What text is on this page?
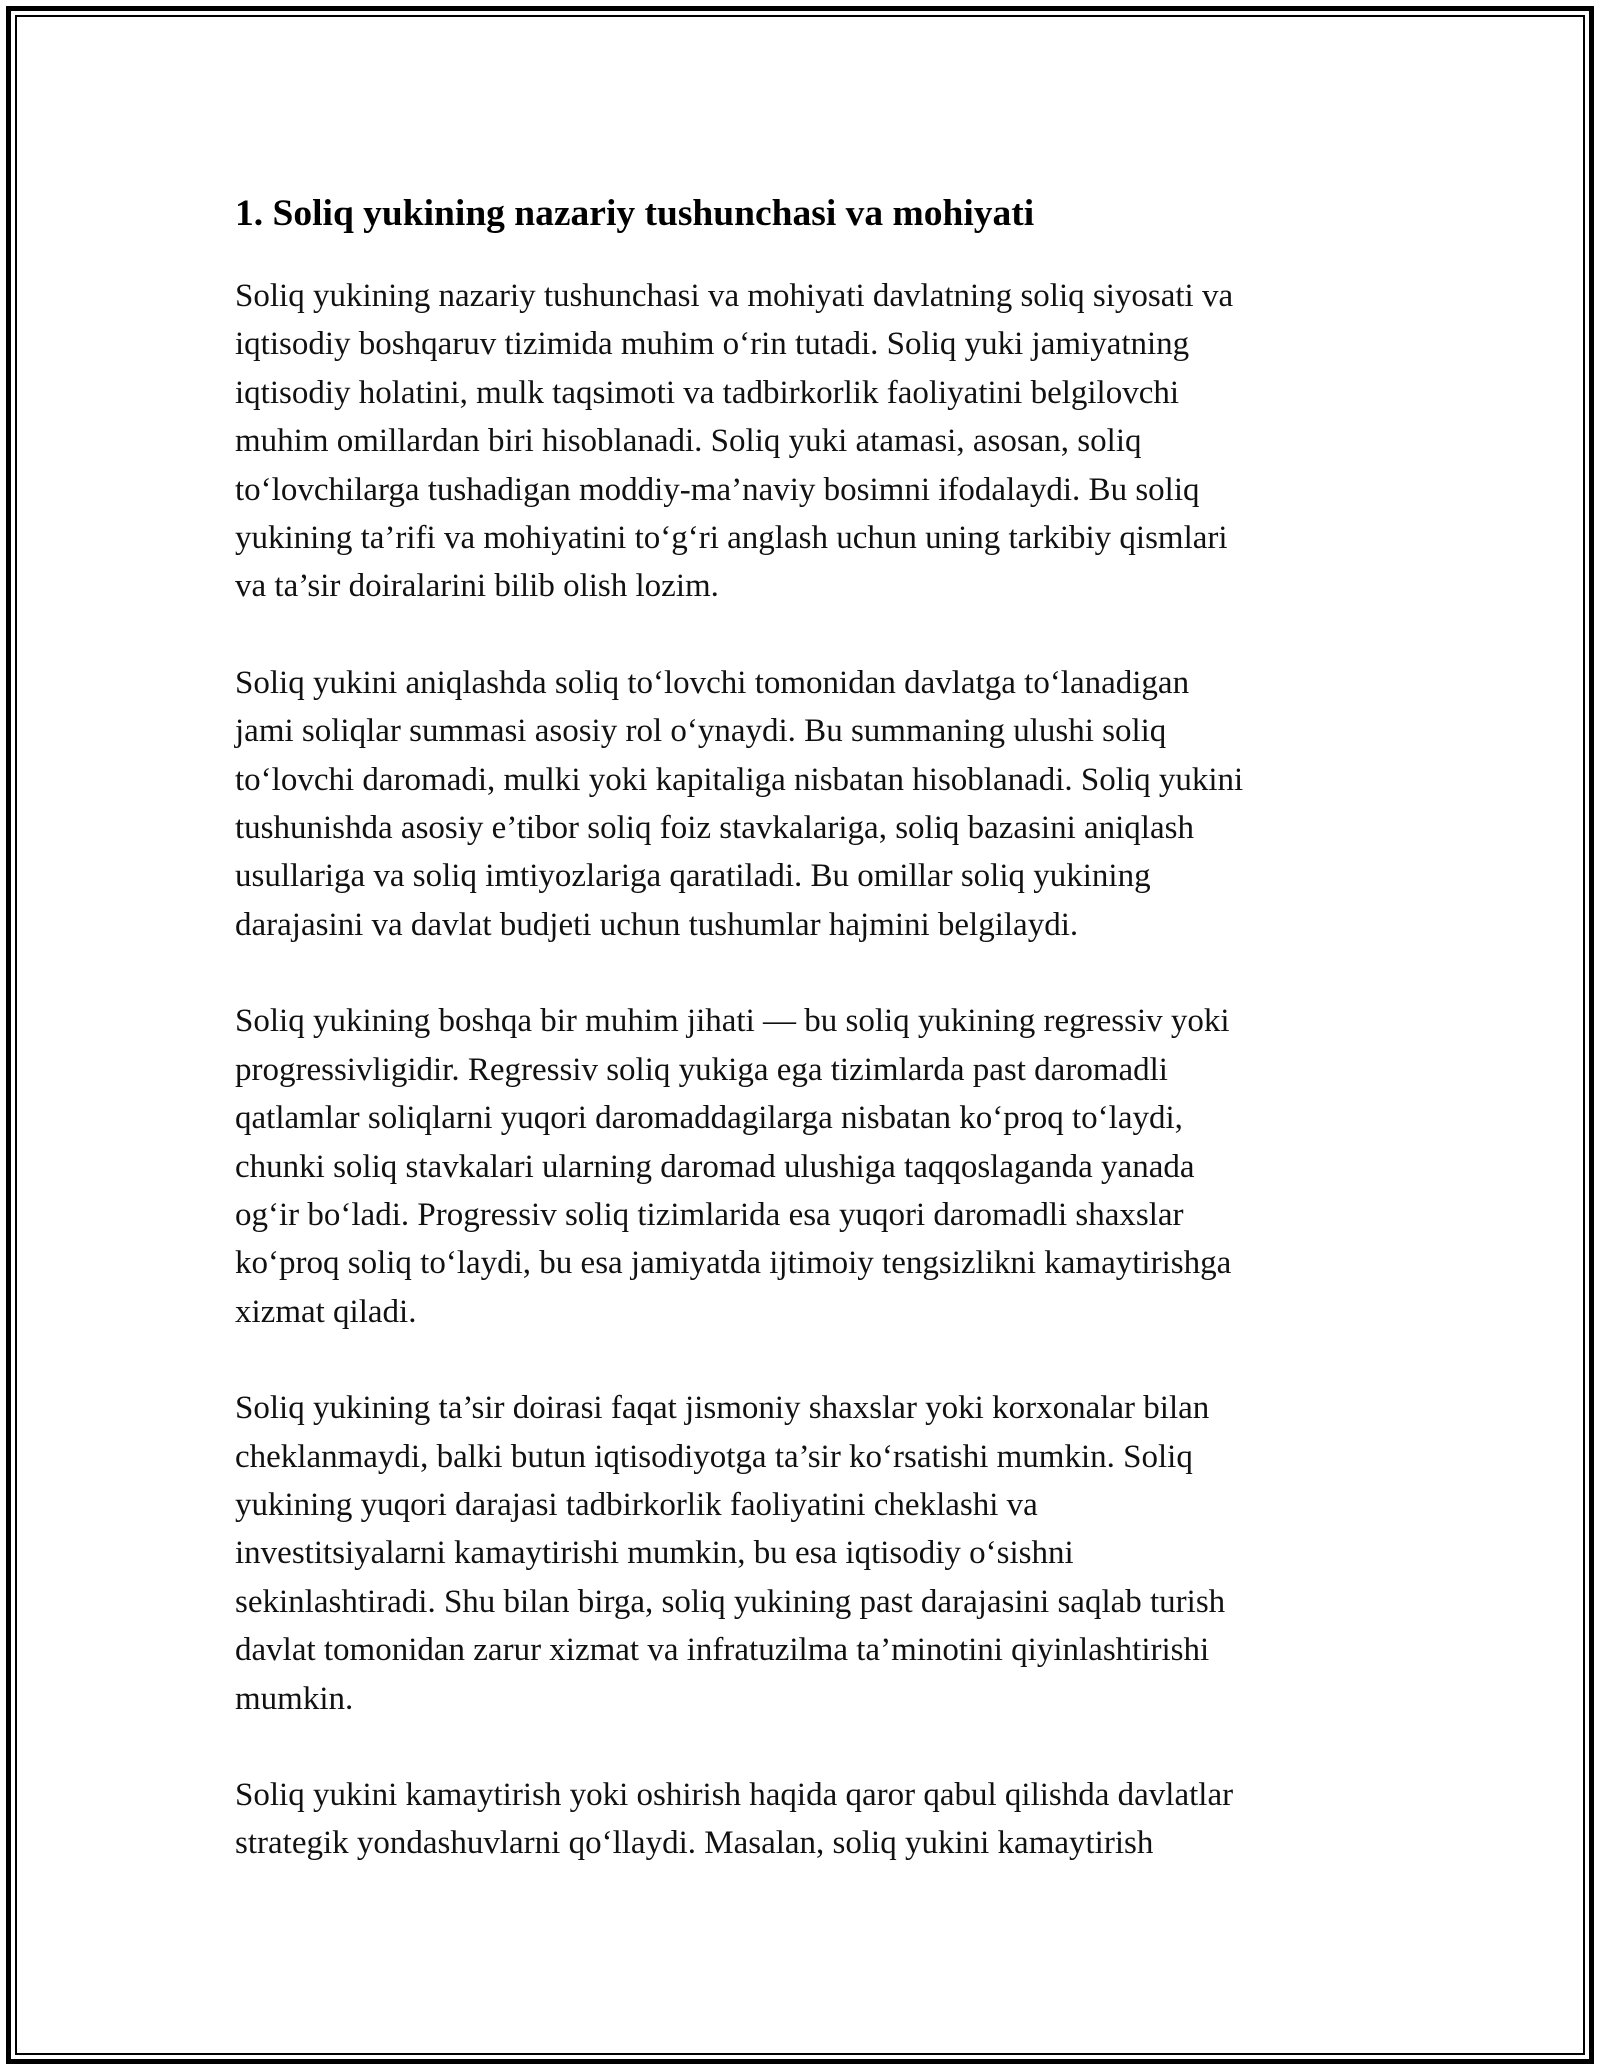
1. Soliq yukining nazariy tushunchasi va mohiyati

Soliq yukining nazariy tushunchasi va mohiyati davlatning soliq siyosati va
iqtisodiy boshqaruv tizimida muhim o‘rin tutadi. Soliq yuki jamiyatning
iqtisodiy holatini, mulk taqsimoti va tadbirkorlik faoliyatini belgilovchi
muhim omillardan biri hisoblanadi. Soliq yuki atamasi, asosan, soliq
to‘lovchilarga tushadigan moddiy-ma’naviy bosimni ifodalaydi. Bu soliq
yukining ta’rifi va mohiyatini to‘g‘ri anglash uchun uning tarkibiy qismlari
va ta’sir doiralarini bilib olish lozim.

Soliq yukini aniqlashda soliq to‘lovchi tomonidan davlatga to‘lanadigan
jami soliqlar summasi asosiy rol o‘ynaydi. Bu summaning ulushi soliq
to‘lovchi daromadi, mulki yoki kapitaliga nisbatan hisoblanadi. Soliq yukini
tushunishda asosiy e’tibor soliq foiz stavkalariga, soliq bazasini aniqlash
usullariga va soliq imtiyozlariga qaratiladi. Bu omillar soliq yukining
darajasini va davlat budjeti uchun tushumlar hajmini belgilaydi.

Soliq yukining boshqa bir muhim jihati — bu soliq yukining regressiv yoki
progressivligidir. Regressiv soliq yukiga ega tizimlarda past daromadli
qatlamlar soliqlarni yuqori daromaddagilarga nisbatan ko‘proq to‘laydi,
chunki soliq stavkalari ularning daromad ulushiga taqqoslaganda yanada
og‘ir bo‘ladi. Progressiv soliq tizimlarida esa yuqori daromadli shaxslar
ko‘proq soliq to‘laydi, bu esa jamiyatda ijtimoiy tengsizlikni kamaytirishga
xizmat qiladi.

Soliq yukining ta’sir doirasi faqat jismoniy shaxslar yoki korxonalar bilan
cheklanmaydi, balki butun iqtisodiyotga ta’sir ko‘rsatishi mumkin. Soliq
yukining yuqori darajasi tadbirkorlik faoliyatini cheklashi va
investitsiyalarni kamaytirishi mumkin, bu esa iqtisodiy o‘sishni
sekinlashtiradi. Shu bilan birga, soliq yukining past darajasini saqlab turish
davlat tomonidan zarur xizmat va infratuzilma ta’minotini qiyinlashtirishi
mumkin.

Soliq yukini kamaytirish yoki oshirish haqida qaror qabul qilishda davlatlar
strategik yondashuvlarni qo‘llaydi. Masalan, soliq yukini kamaytirish
